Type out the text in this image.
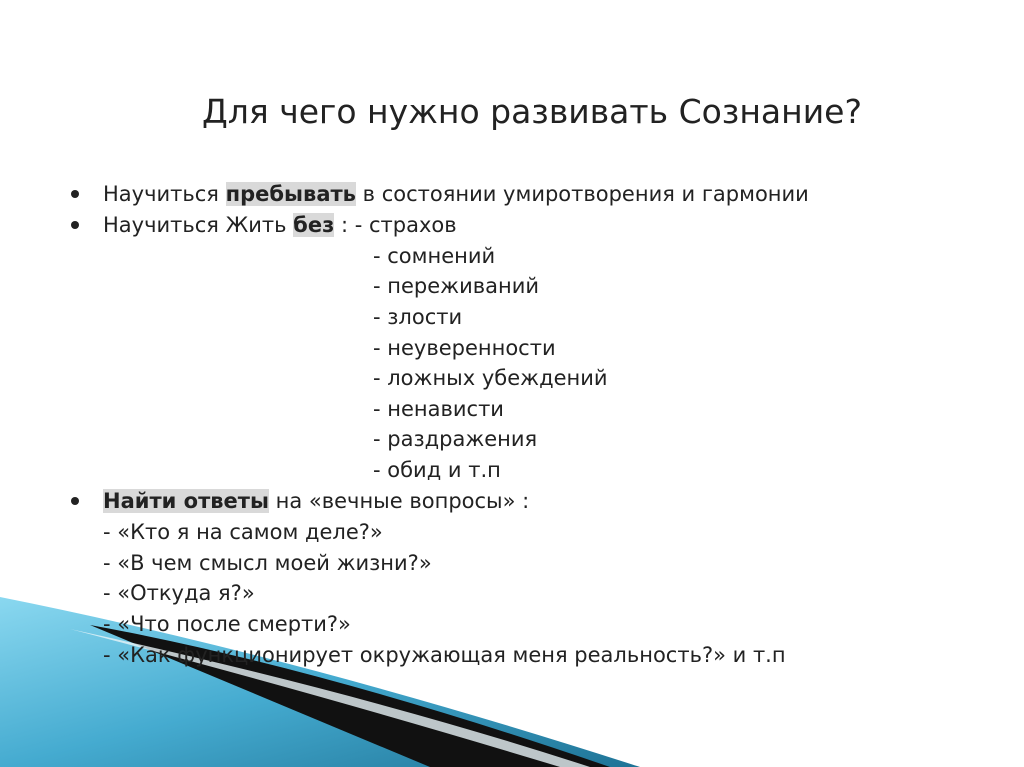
Для чего нужно развивать Сознание?
Научиться пребывать в состоянии умиротворения и гармонии
Научиться Жить без : - страхов
- сомнений
- переживаний
- злости
- неуверенности
- ложных убеждений
- ненависти
- раздражения
- обид и т.п
Найти ответы на «вечные вопросы» :
- «Кто я на самом деле?»
- «В чем смысл моей жизни?»
- «Откуда я?»
- «Что после смерти?»
- «Как функционирует окружающая меня реальность?» и т.п
